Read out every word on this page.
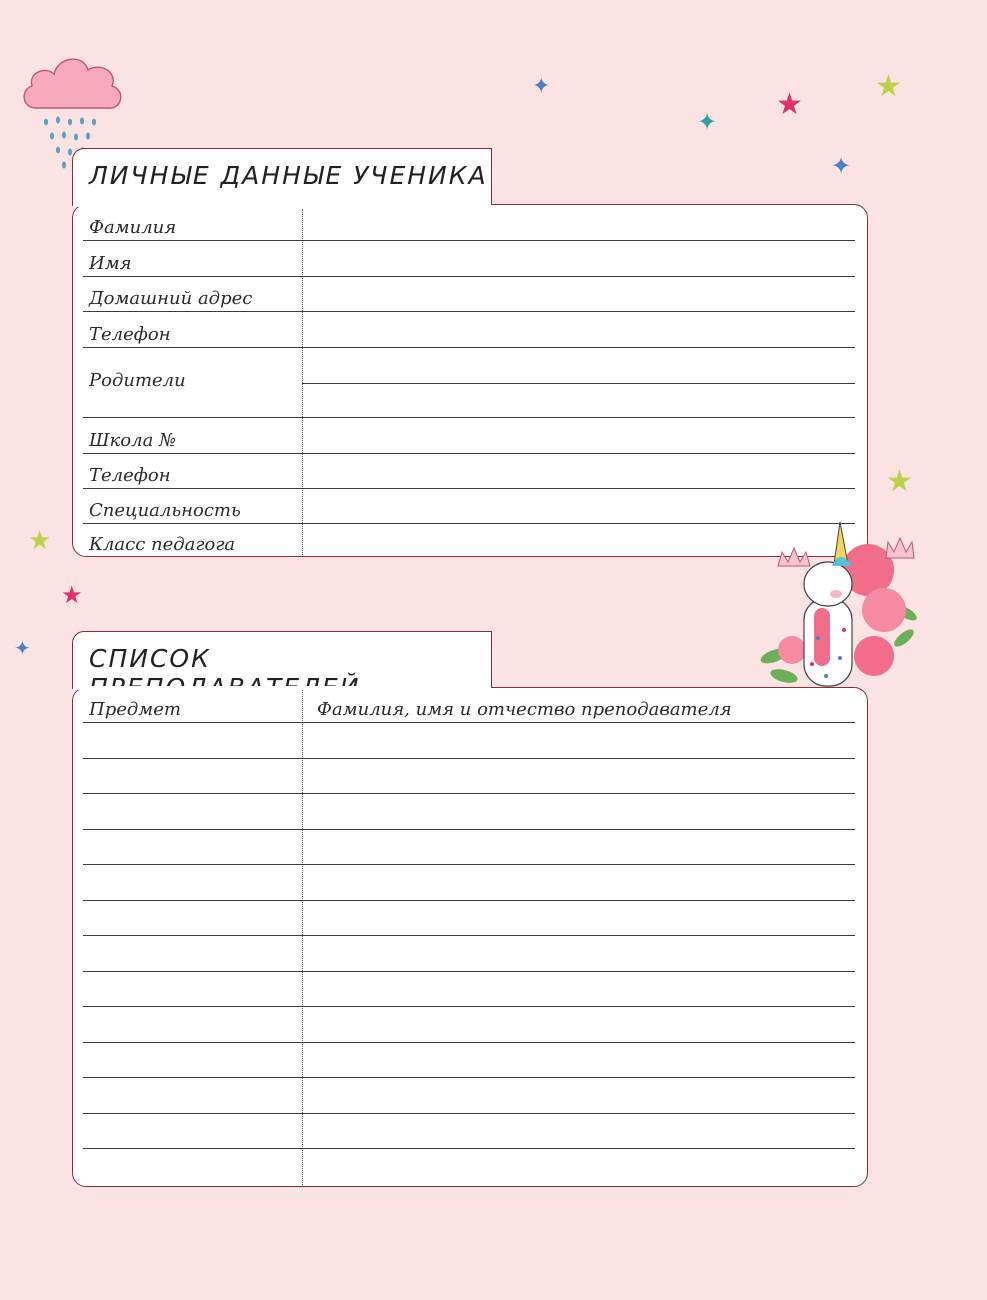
✦
✦ ★
★
✦
★
★
★
✦
ЛИЧНЫЕ ДАННЫЕ УЧЕНИКА
Фамилия
Имя
Домашний адрес
Телефон
Родители
Школа №
Телефон
Специальность
Класс педагога
СПИСОК
Предмет	Фамилия, имя и отчество преподавателя
